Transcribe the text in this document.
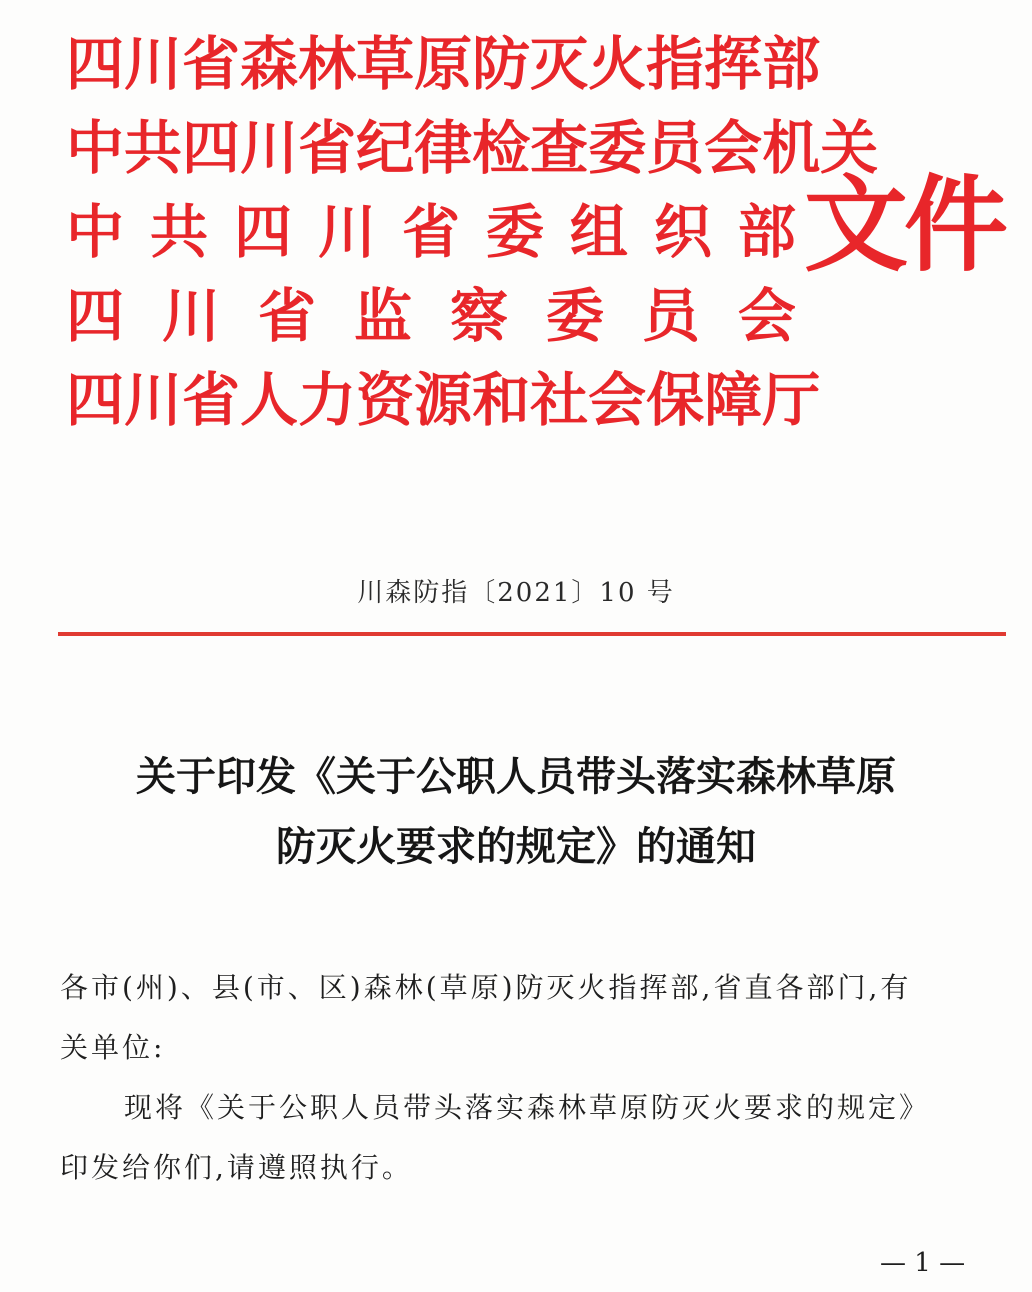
四 川 省 森 林 草 原 防 灭 火 指 挥 部
中 共 四 川 省 纪 律 检 查 委 员 会 机 关
中 共 四 川 省 委 组 织 部
四 川 省 监 察 委 员 会
四 川 省 人 力 资 源 和 社 会 保 障 厅
文件
川森防指〔2021〕10 号
关于印发《关于公职人员带头落实森林草原
防灭火要求的规定》的通知
各市(州)、县(市、区)森林(草原)防灭火指挥部,省直各部门,有
关单位:
现将《关于公职人员带头落实森林草原防灭火要求的规定》
印发给你们,请遵照执行。
— 1 —
